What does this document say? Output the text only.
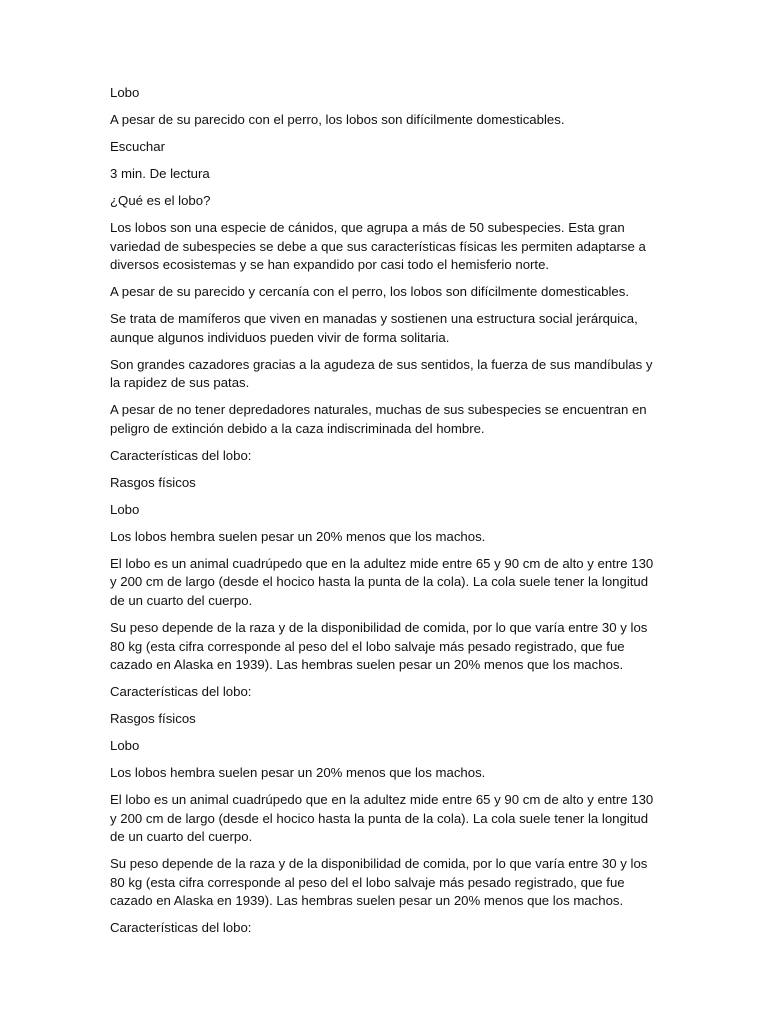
Lobo

A pesar de su parecido con el perro, los lobos son difícilmente domesticables.

Escuchar

3 min. De lectura

¿Qué es el lobo?

Los lobos son una especie de cánidos, que agrupa a más de 50 subespecies. Esta gran variedad de subespecies se debe a que sus características físicas les permiten adaptarse a diversos ecosistemas y se han expandido por casi todo el hemisferio norte.

A pesar de su parecido y cercanía con el perro, los lobos son difícilmente domesticables.

Se trata de mamíferos que viven en manadas y sostienen una estructura social jerárquica, aunque algunos individuos pueden vivir de forma solitaria.

Son grandes cazadores gracias a la agudeza de sus sentidos, la fuerza de sus mandíbulas y la rapidez de sus patas.

A pesar de no tener depredadores naturales, muchas de sus subespecies se encuentran en peligro de extinción debido a la caza indiscriminada del hombre.

Características del lobo:

Rasgos físicos

Lobo

Los lobos hembra suelen pesar un 20% menos que los machos.

El lobo es un animal cuadrúpedo que en la adultez mide entre 65 y 90 cm de alto y entre 130 y 200 cm de largo (desde el hocico hasta la punta de la cola). La cola suele tener la longitud de un cuarto del cuerpo.

Su peso depende de la raza y de la disponibilidad de comida, por lo que varía entre 30 y los 80 kg (esta cifra corresponde al peso del el lobo salvaje más pesado registrado, que fue cazado en Alaska en 1939). Las hembras suelen pesar un 20% menos que los machos.

Características del lobo:

Rasgos físicos

Lobo

Los lobos hembra suelen pesar un 20% menos que los machos.

El lobo es un animal cuadrúpedo que en la adultez mide entre 65 y 90 cm de alto y entre 130 y 200 cm de largo (desde el hocico hasta la punta de la cola). La cola suele tener la longitud de un cuarto del cuerpo.

Su peso depende de la raza y de la disponibilidad de comida, por lo que varía entre 30 y los 80 kg (esta cifra corresponde al peso del el lobo salvaje más pesado registrado, que fue cazado en Alaska en 1939). Las hembras suelen pesar un 20% menos que los machos.

Características del lobo:
